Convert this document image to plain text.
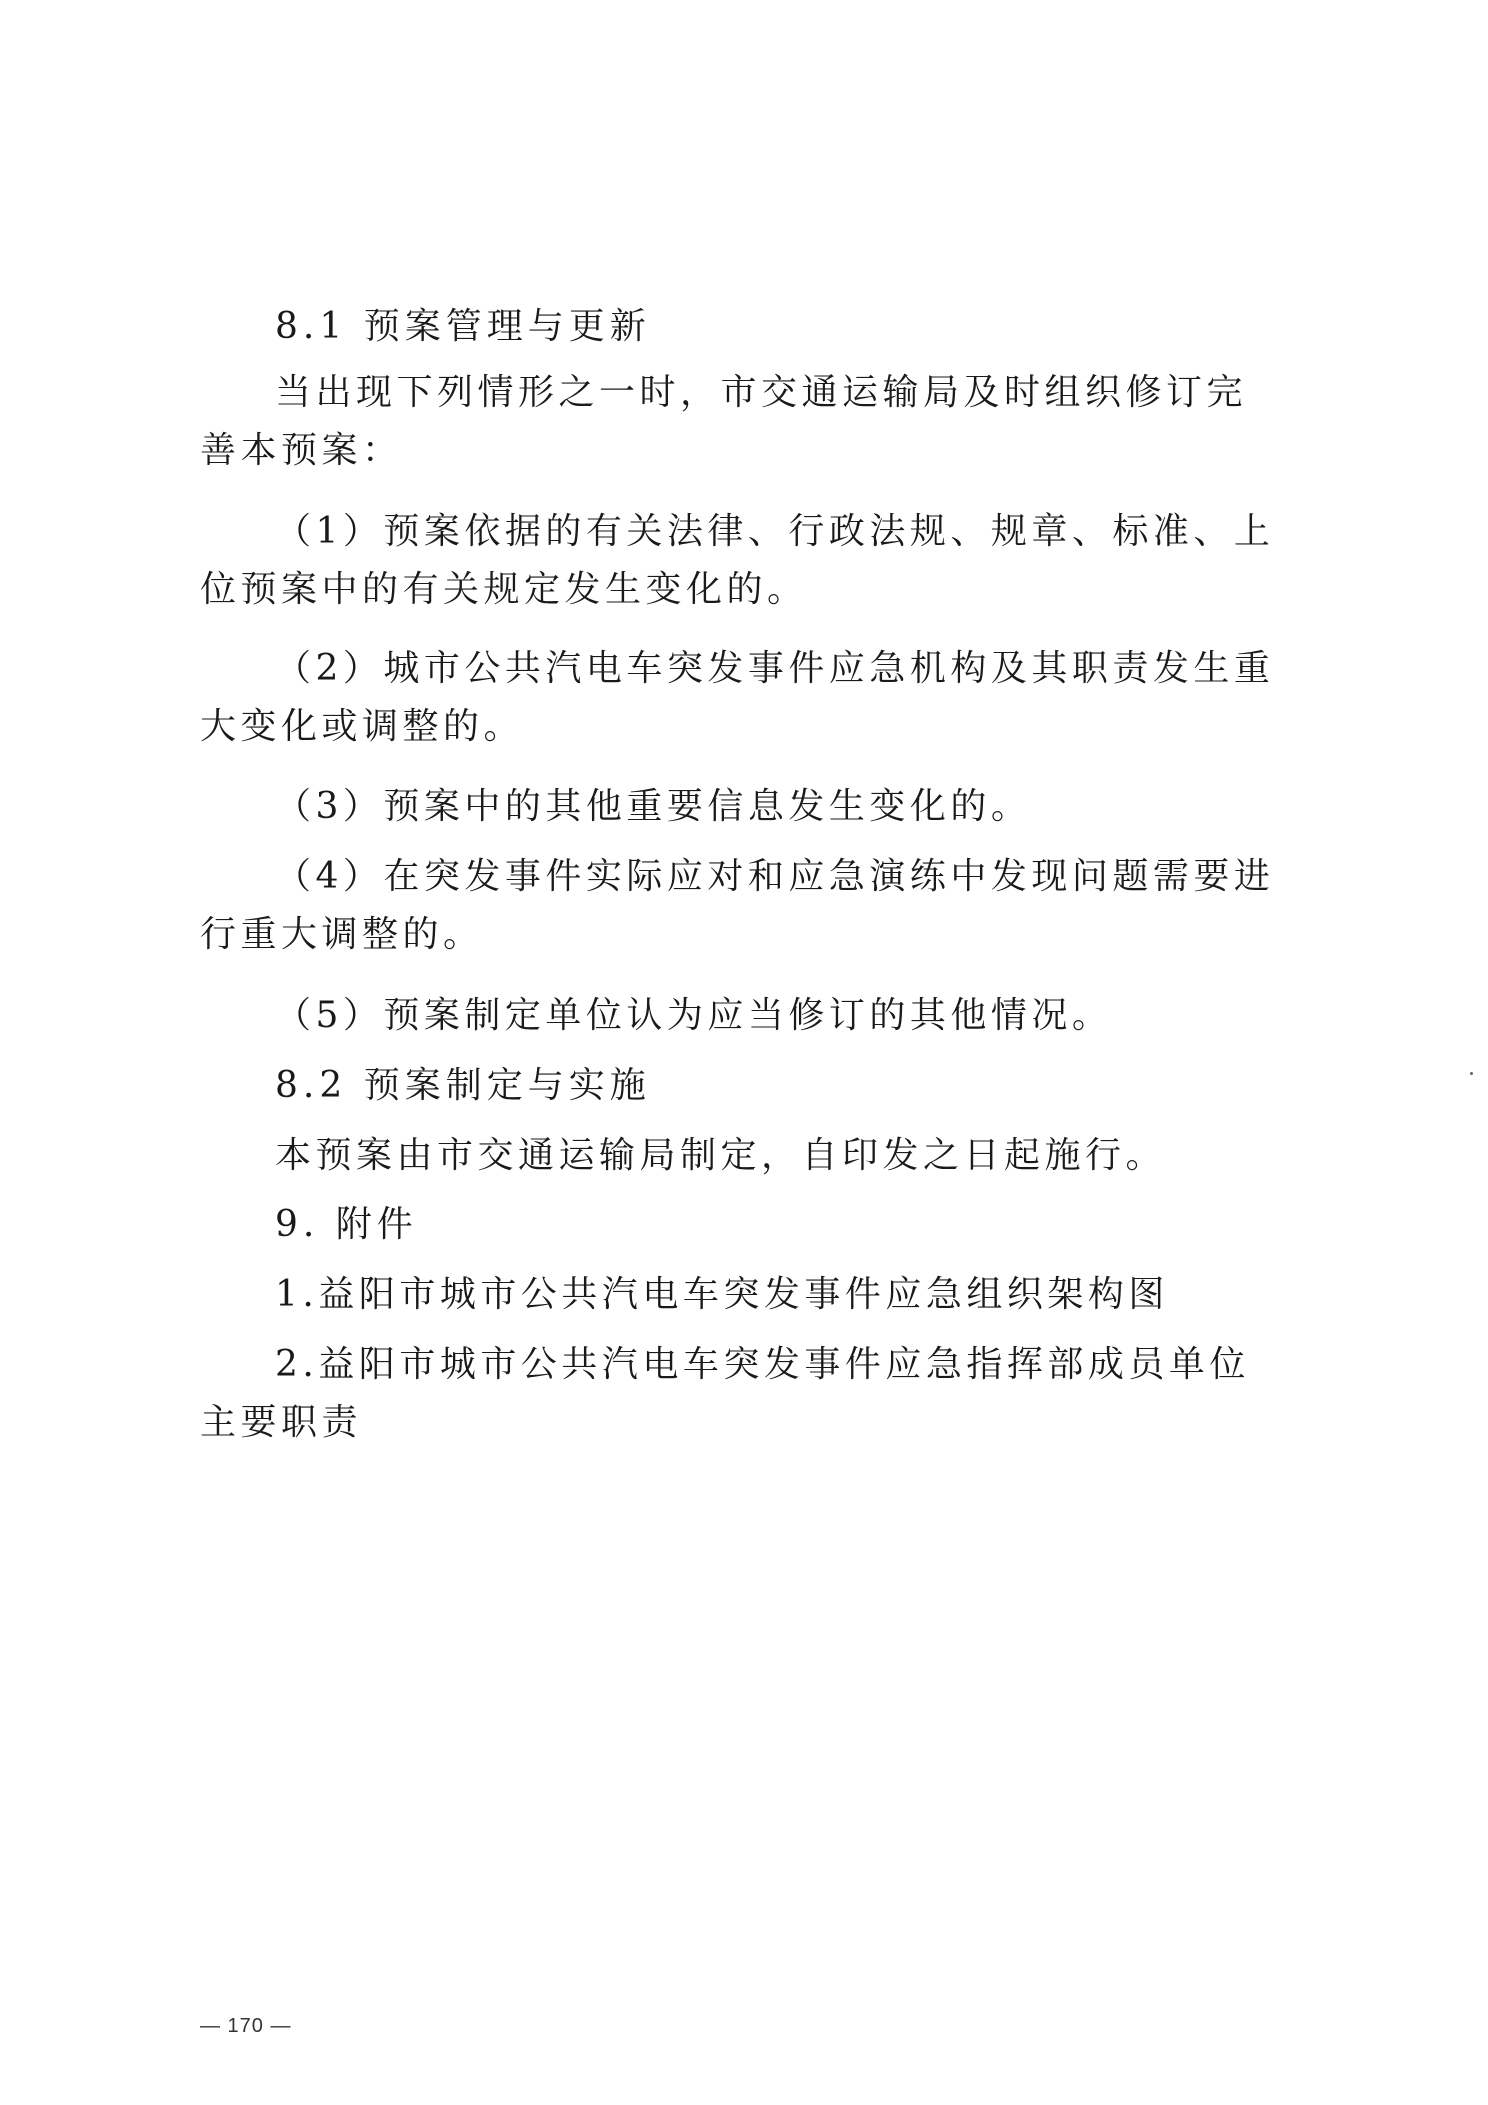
8.1 预案管理与更新
当出现下列情形之一时，市交通运输局及时组织修订完善本预案：
（1）预案依据的有关法律、行政法规、规章、标准、上位预案中的有关规定发生变化的。
（2）城市公共汽电车突发事件应急机构及其职责发生重大变化或调整的。
（3）预案中的其他重要信息发生变化的。
（4）在突发事件实际应对和应急演练中发现问题需要进行重大调整的。
（5）预案制定单位认为应当修订的其他情况。
8.2 预案制定与实施
本预案由市交通运输局制定，自印发之日起施行。
9. 附件
1.益阳市城市公共汽电车突发事件应急组织架构图
2.益阳市城市公共汽电车突发事件应急指挥部成员单位主要职责
— 170 —
